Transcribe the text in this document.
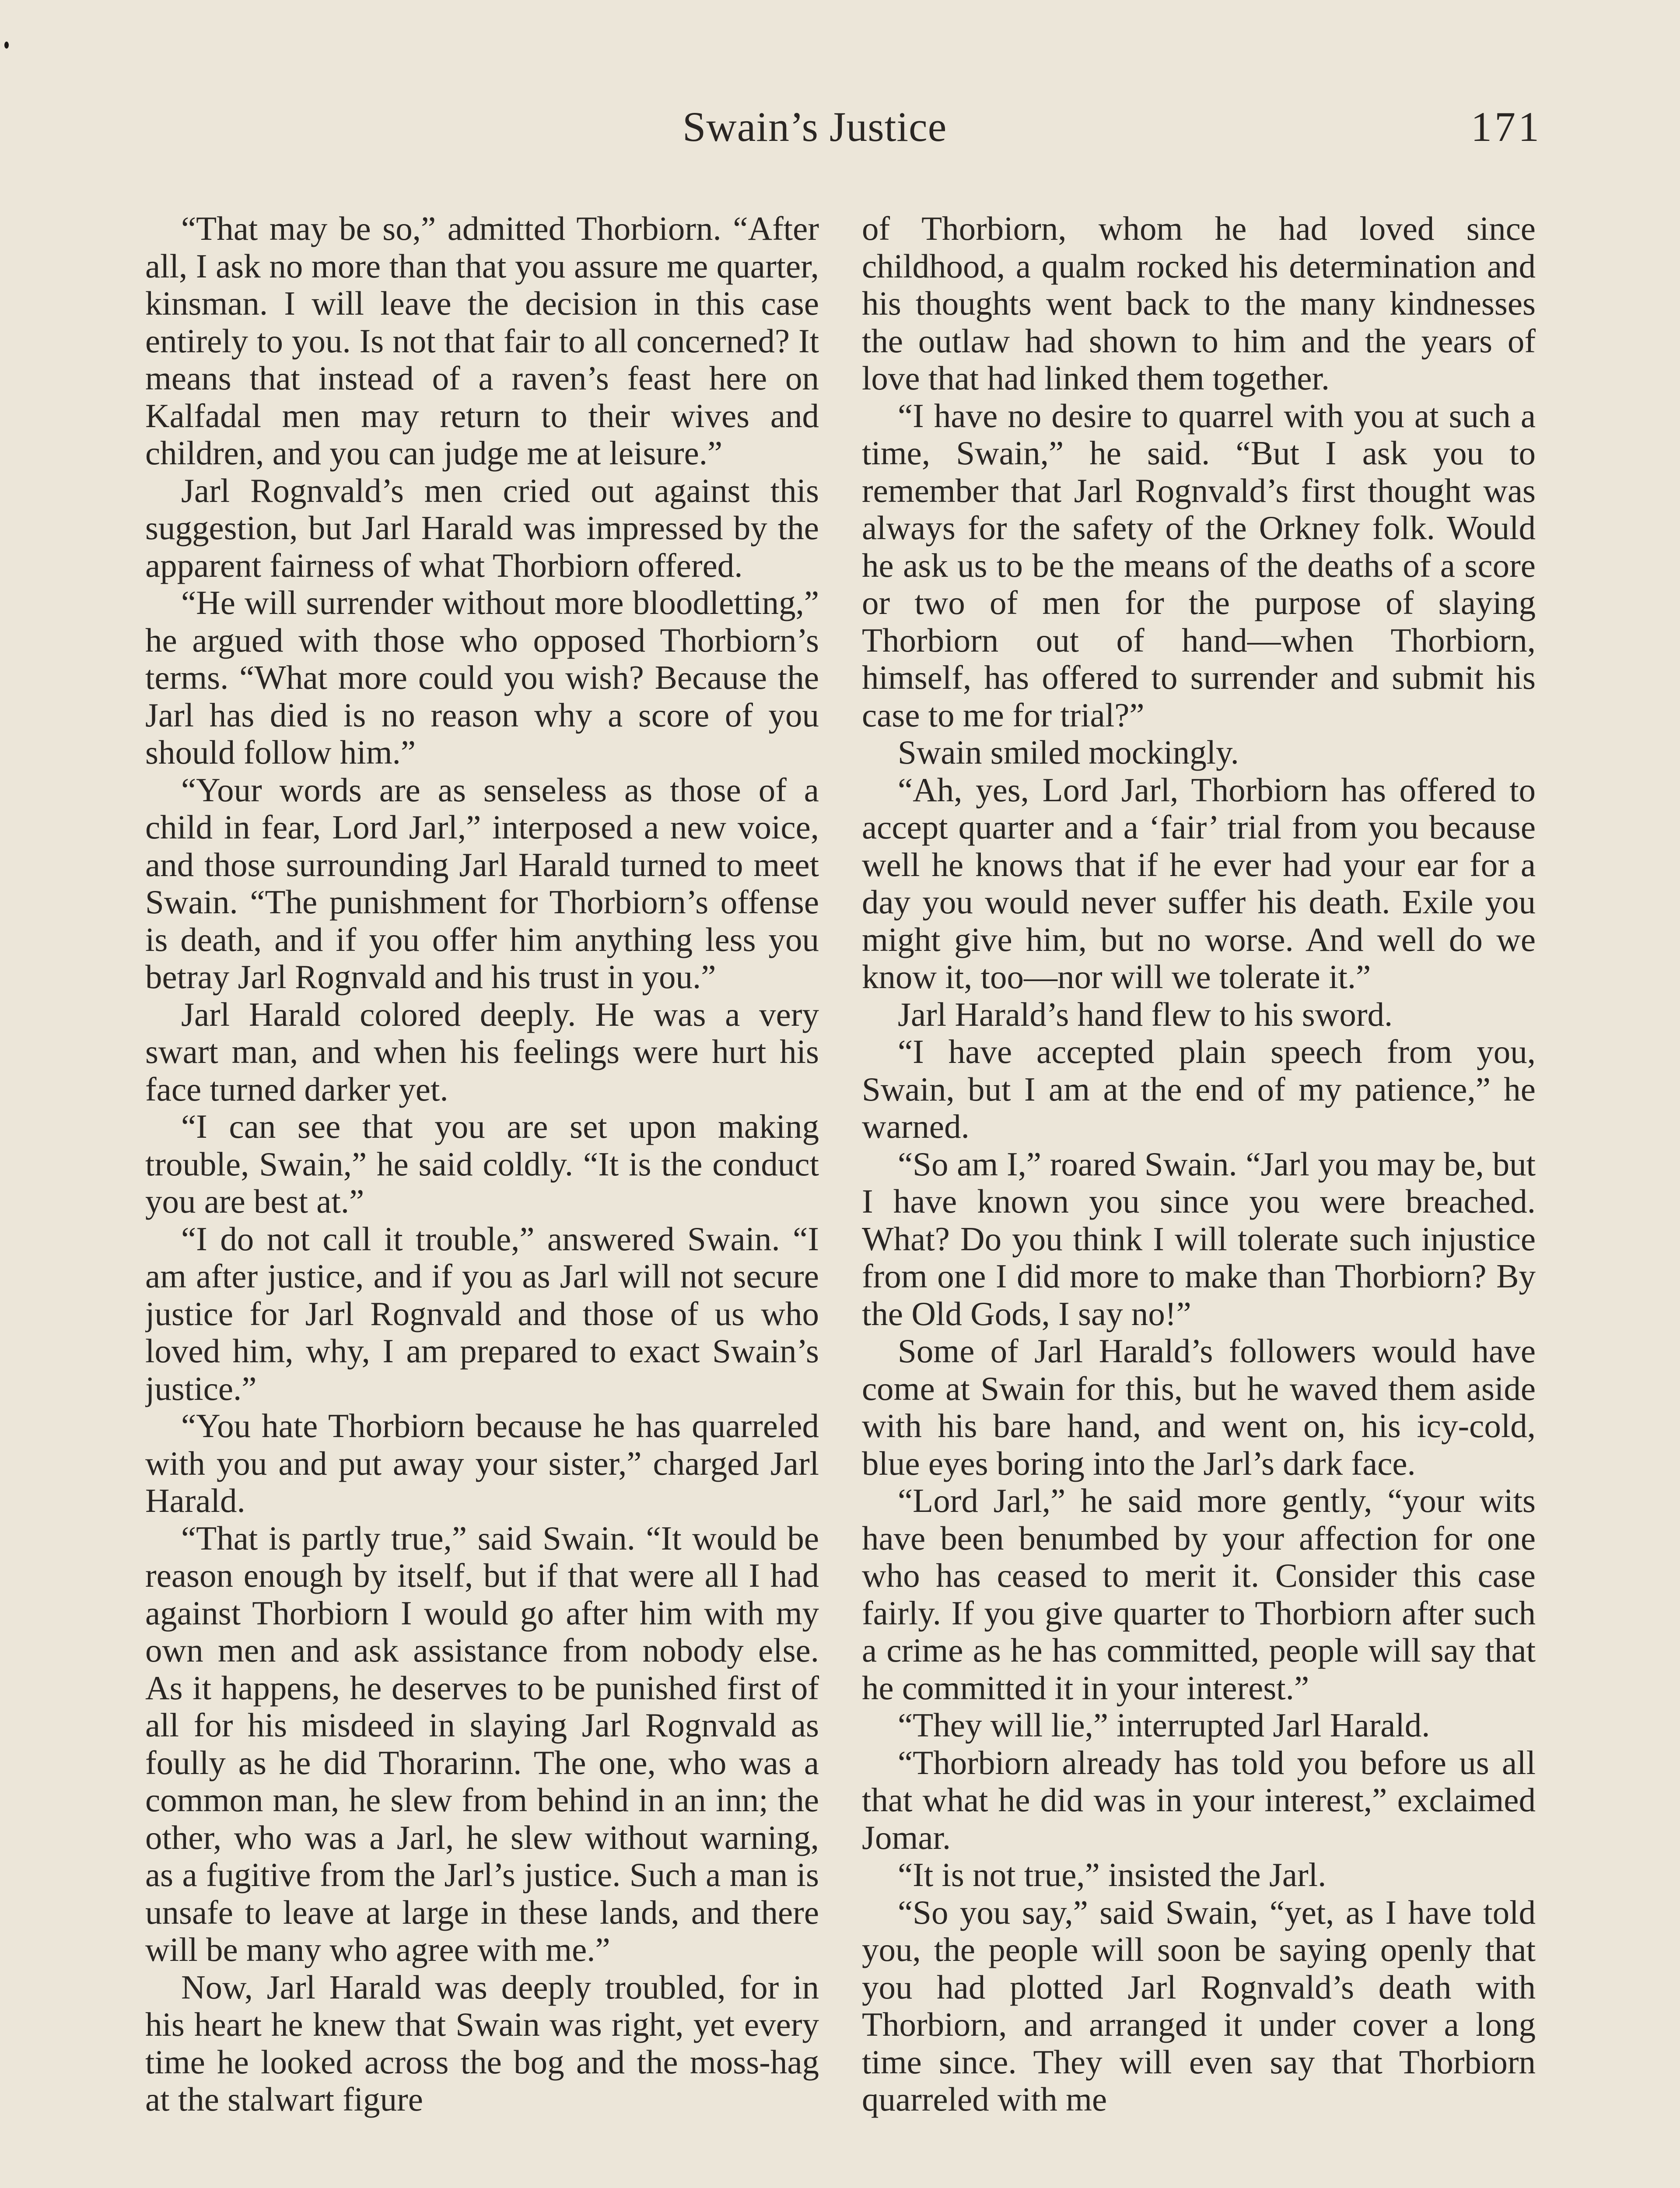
Swain’s Justice	171

“That may be so,” admitted Thorbiorn. “After all, I ask no more than that you assure me quarter, kinsman. I will leave the decision in this case entirely to you. Is not that fair to all concerned? It means that instead of a raven’s feast here on Kalfadal men may return to their wives and children, and you can judge me at leisure.”

Jarl Rognvald’s men cried out against this suggestion, but Jarl Harald was impressed by the apparent fairness of what Thorbiorn offered.

“He will surrender without more bloodletting,” he argued with those who opposed Thorbiorn’s terms. “What more could you wish? Because the Jarl has died is no reason why a score of you should follow him.”

“Your words are as senseless as those of a child in fear, Lord Jarl,” interposed a new voice, and those surrounding Jarl Harald turned to meet Swain. “The punishment for Thorbiorn’s offense is death, and if you offer him anything less you betray Jarl Rognvald and his trust in you.”

Jarl Harald colored deeply. He was a very swart man, and when his feelings were hurt his face turned darker yet.

“I can see that you are set upon making trouble, Swain,” he said coldly. “It is the conduct you are best at.”

“I do not call it trouble,” answered Swain. “I am after justice, and if you as Jarl will not secure justice for Jarl Rognvald and those of us who loved him, why, I am prepared to exact Swain’s justice.”

“You hate Thorbiorn because he has quarreled with you and put away your sister,” charged Jarl Harald.

“That is partly true,” said Swain. “It would be reason enough by itself, but if that were all I had against Thorbiorn I would go after him with my own men and ask assistance from nobody else. As it happens, he deserves to be punished first of all for his misdeed in slaying Jarl Rognvald as foully as he did Thorarinn. The one, who was a common man, he slew from behind in an inn; the other, who was a Jarl, he slew without warning, as a fugitive from the Jarl’s justice. Such a man is unsafe to leave at large in these lands, and there will be many who agree with me.”

Now, Jarl Harald was deeply troubled, for in his heart he knew that Swain was right, yet every time he looked across the bog and the moss-hag at the stalwart figure

of Thorbiorn, whom he had loved since childhood, a qualm rocked his determination and his thoughts went back to the many kindnesses the outlaw had shown to him and the years of love that had linked them together.

“I have no desire to quarrel with you at such a time, Swain,” he said. “But I ask you to remember that Jarl Rognvald’s first thought was always for the safety of the Orkney folk. Would he ask us to be the means of the deaths of a score or two of men for the purpose of slaying Thorbiorn out of hand—when Thorbiorn, himself, has offered to surrender and submit his case to me for trial?”

Swain smiled mockingly.

“Ah, yes, Lord Jarl, Thorbiorn has offered to accept quarter and a ‘fair’ trial from you because well he knows that if he ever had your ear for a day you would never suffer his death. Exile you might give him, but no worse. And well do we know it, too—nor will we tolerate it.”

Jarl Harald’s hand flew to his sword.

“I have accepted plain speech from you, Swain, but I am at the end of my patience,” he warned.

“So am I,” roared Swain. “Jarl you may be, but I have known you since you were breached. What? Do you think I will tolerate such injustice from one I did more to make than Thorbiorn? By the Old Gods, I say no!”

Some of Jarl Harald’s followers would have come at Swain for this, but he waved them aside with his bare hand, and went on, his icy-cold, blue eyes boring into the Jarl’s dark face.

“Lord Jarl,” he said more gently, “your wits have been benumbed by your affection for one who has ceased to merit it. Consider this case fairly. If you give quarter to Thorbiorn after such a crime as he has committed, people will say that he committed it in your interest.”

“They will lie,” interrupted Jarl Harald.

“Thorbiorn already has told you before us all that what he did was in your interest,” exclaimed Jomar.

“It is not true,” insisted the Jarl.

“So you say,” said Swain, “yet, as I have told you, the people will soon be saying openly that you had plotted Jarl Rognvald’s death with Thorbiorn, and arranged it under cover a long time since. They will even say that Thorbiorn quarreled with me
